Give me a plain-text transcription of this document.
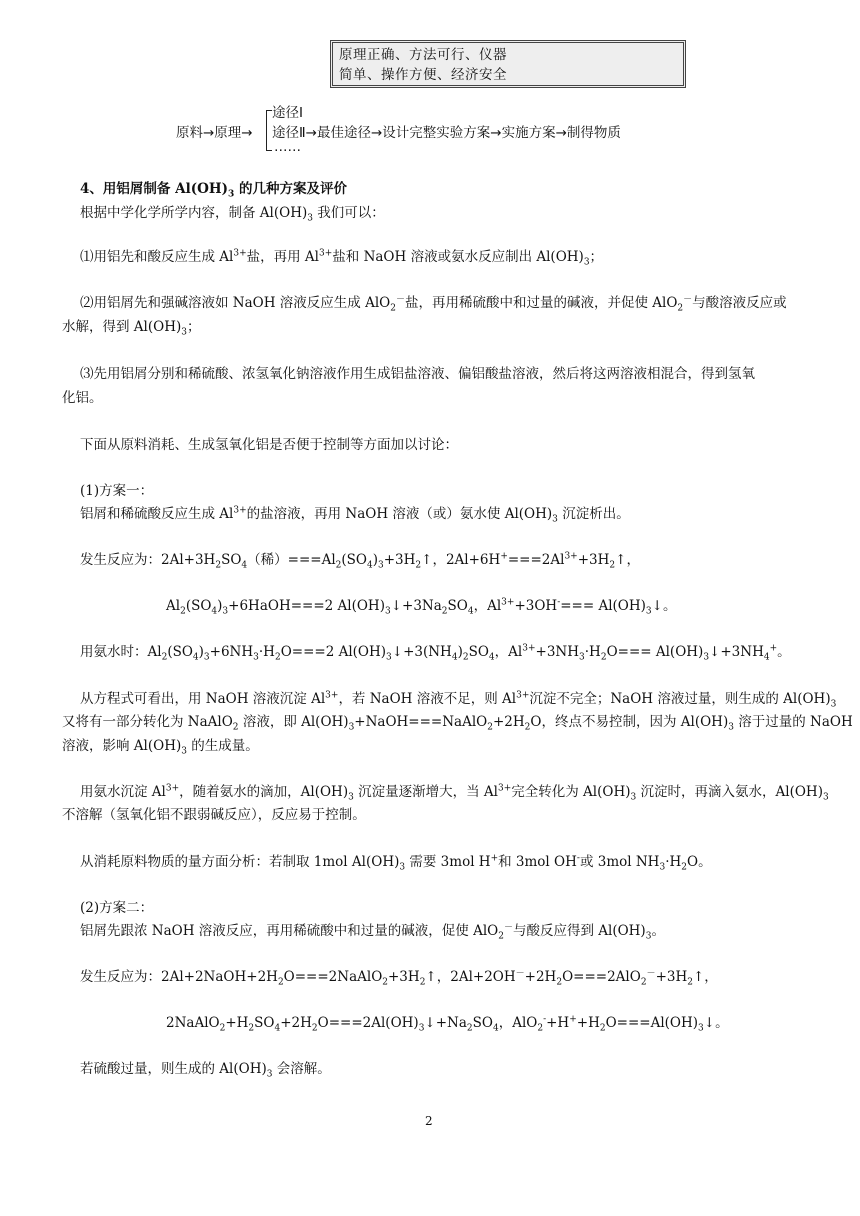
原理正确、方法可行、仪器
简单、操作方便、经济安全
途径Ⅰ
原料→原理→ 途径Ⅱ→最佳途径→设计完整实验方案→实施方案→制得物质
……
4、用铝屑制备 $Al(OH)_3$ 的几种方案及评价
根据中学化学所学内容，制备 $Al(OH)_3$ 我们可以：
⑴用铝先和酸反应生成 $Al^{3+}$盐，再用 $Al^{3+}$盐和 NaOH 溶液或氨水反应制出 $Al(OH)_3$；
⑵用铝屑先和强碱溶液如 NaOH 溶液反应生成 AlO$_2$－盐，再用稀硫酸中和过量的碱液，并促使 AlO$_2$－与酸溶液反应或
水解，得到 $Al(OH)_3$；
⑶先用铝屑分别和稀硫酸、浓氢氧化钠溶液作用生成铝盐溶液、偏铝酸盐溶液，然后将这两溶液相混合，得到氢氧
化铝。
下面从原料消耗、生成氢氧化铝是否便于控制等方面加以讨论：
(1)方案一：
铝屑和稀硫酸反应生成 $Al^{3+}$的盐溶液，再用 NaOH 溶液（或）氨水使 $Al(OH)_3$ 沉淀析出。
发生反应为：$2Al+3H_2SO_4$（稀）$===Al_2(SO_4)_3+3H_2↑$，$2Al+6H^+===2Al^{3+}+3H_2↑$，
$Al_2(SO_4)_3+6HaOH===2$ $Al(OH)_3↓+3Na_2SO_4$，$Al^{3+}+3OH^-===$ $Al(OH)_3↓$。
用氨水时：$Al_2(SO_4)_3+6NH_3\cdot H_2O===2$ $Al(OH)_3↓+3(NH_4)_2SO_4$，$Al^{3+}+3NH_3\cdot H_2O===$ $Al(OH)_3↓+3NH_4^+$。
从方程式可看出，用 NaOH 溶液沉淀 $Al^{3+}$，若 NaOH 溶液不足，则 $Al^{3+}$沉淀不完全；NaOH 溶液过量，则生成的 $Al(OH)_3$
又将有一部分转化为 NaAlO$_2$ 溶液，即 $Al(OH)_3+NaOH===NaAlO_2+2H_2O$，终点不易控制，因为 $Al(OH)_3$ 溶于过量的 NaOH
溶液，影响 $Al(OH)_3$ 的生成量。
用氨水沉淀 $Al^{3+}$，随着氨水的滴加，$Al(OH)_3$ 沉淀量逐渐增大，当 $Al^{3+}$完全转化为 $Al(OH)_3$ 沉淀时，再滴入氨水，$Al(OH)_3$
不溶解（氢氧化铝不跟弱碱反应），反应易于控制。
从消耗原料物质的量方面分析：若制取 1mol $Al(OH)_3$ 需要 3mol H+和 3mol OH-或 3mol $NH_3\cdot H_2O$。
(2)方案二：
铝屑先跟浓 NaOH 溶液反应，再用稀硫酸中和过量的碱液，促使 AlO$_2$－与酸反应得到 $Al(OH)_3$。
发生反应为：$2Al+2NaOH+2H_2O===2NaAlO_2+3H_2↑$，$2Al+2OH^-+2H_2O===2AlO_2^-+3H_2↑$，
$2NaAlO_2+H_2SO_4+2H_2O===2Al(OH)_3↓+Na_2SO_4$，$AlO_2^-+H^++H_2O===Al(OH)_3↓$。
若硫酸过量，则生成的 $Al(OH)_3$ 会溶解。
2
